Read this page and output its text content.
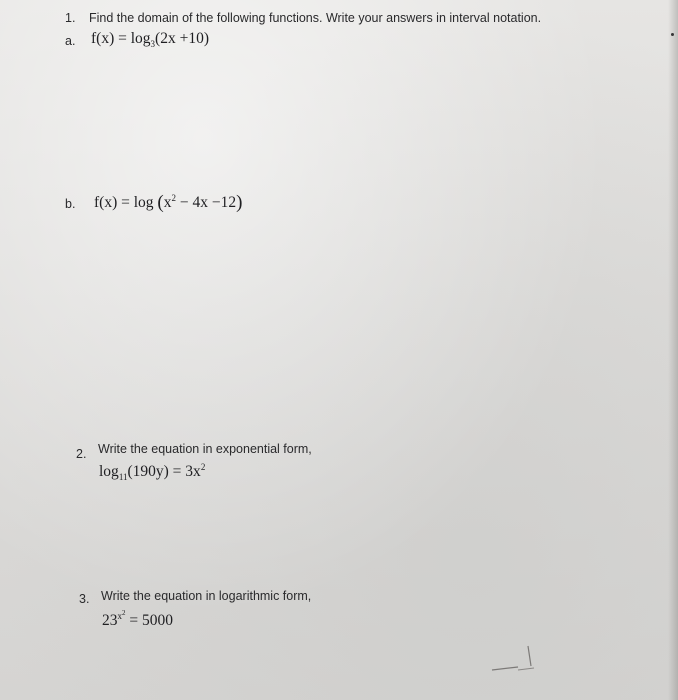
1. Find the domain of the following functions. Write your answers in interval notation.
a. $f(x) = \log_3(2x +10)$
b. $f(x) = \log (x^2 - 4x -12)$
2. Write the equation in exponential form,
$\log_{11}(190y) = 3x^2$
3. Write the equation in logarithmic form,
$23^{x^2} = 5000$
